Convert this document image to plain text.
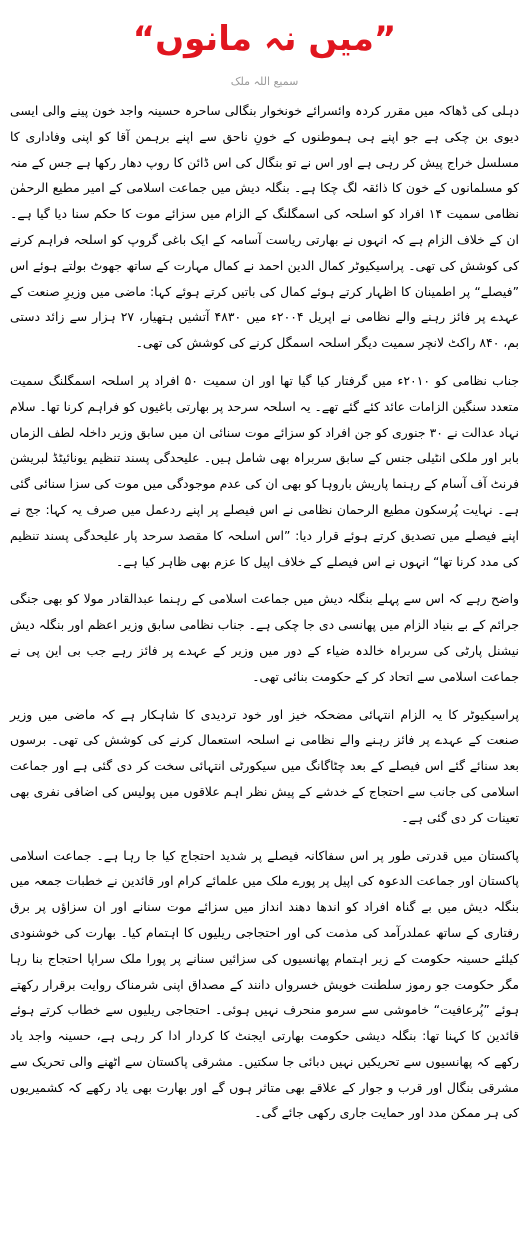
”میں نہ مانوں“
سمیع اللہ ملک

دہلی کی ڈھاکہ میں مقرر کردہ وائسرائے خونخوار بنگالی ساحرہ حسینہ واجد خون پینے والی ایسی دیوی بن چکی ہے جو اپنے ہی ہموطنوں کے خونِ ناحق سے اپنے برہمن آقا کو اپنی وفاداری کا مسلسل خراج پیش کر رہی ہے اور اس نے تو بنگال کی اس ڈائن کا روپ دھار رکھا ہے جس کے منہ کو مسلمانوں کے خون کا ذائقہ لگ چکا ہے۔ بنگلہ دیش میں جماعت اسلامی کے امیر مطیع الرحمٰن نظامی سمیت ۱۴ افراد کو اسلحہ کی اسمگلنگ کے الزام میں سزائے موت کا حکم سنا دیا گیا ہے۔ ان کے خلاف الزام ہے کہ انہوں نے بھارتی ریاست آسامہ کے ایک باغی گروپ کو اسلحہ فراہم کرنے کی کوشش کی تھی۔ پراسیکیوٹر کمال الدین احمد نے کمال مہارت کے ساتھ جھوٹ بولتے ہوئے اس ”فیصلے“ پر اطمینان کا اظہار کرتے ہوئے کمال کی باتیں کرتے ہوئے کہا: ماضی میں وزیرِ صنعت کے عہدے پر فائز رہنے والے نظامی نے اپریل ۲۰۰۴ء میں ۴۸۳۰ آتشیں ہتھیار، ۲۷ ہزار سے زائد دستی بم، ۸۴۰ راکٹ لانچر سمیت دیگر اسلحہ اسمگل کرنے کی کوشش کی تھی۔

جناب نظامی کو ۲۰۱۰ء میں گرفتار کیا گیا تھا اور ان سمیت ۵۰ افراد پر اسلحہ اسمگلنگ سمیت متعدد سنگین الزامات عائد کئے گئے تھے۔ یہ اسلحہ سرحد پر بھارتی باغیوں کو فراہم کرنا تھا۔ سلام نہاد عدالت نے ۳۰ جنوری کو جن افراد کو سزائے موت سنائی ان میں سابق وزیر داخلہ لطف الزماں بابر اور ملکی انٹیلی جنس کے سابق سربراہ بھی شامل ہیں۔ علیحدگی پسند تنظیم یونائیٹڈ لبریشن فرنٹ آف آسام کے رہنما پاریش باروہا کو بھی ان کی عدم موجودگی میں موت کی سزا سنائی گئی ہے۔ نہایت پُرسکون مطیع الرحمان نظامی نے اس فیصلے پر اپنے ردعمل میں صرف یہ کہا: جج نے اپنے فیصلے میں تصدیق کرتے ہوئے قرار دیا: ”اس اسلحہ کا مقصد سرحد پار علیحدگی پسند تنظیم کی مدد کرنا تھا“ انہوں نے اس فیصلے کے خلاف اپیل کا عزم بھی ظاہر کیا ہے۔

واضح رہے کہ اس سے پہلے بنگلہ دیش میں جماعت اسلامی کے رہنما عبدالقادر مولا کو بھی جنگی جرائم کے بے بنیاد الزام میں پھانسی دی جا چکی ہے۔ جناب نظامی سابق وزیر اعظم اور بنگلہ دیش نیشنل پارٹی کی سربراہ خالدہ ضیاء کے دور میں وزیر کے عہدے پر فائز رہے جب بی این پی نے جماعت اسلامی سے اتحاد کر کے حکومت بنائی تھی۔

پراسیکیوٹر کا یہ الزام انتہائی مضحکہ خیز اور خود تردیدی کا شاہکار ہے کہ ماضی میں وزیر صنعت کے عہدے پر فائز رہنے والے نظامی نے اسلحہ استعمال کرنے کی کوشش کی تھی۔ برسوں بعد سنائے گئے اس فیصلے کے بعد چٹاگانگ میں سیکورٹی انتہائی سخت کر دی گئی ہے اور جماعت اسلامی کی جانب سے احتجاج کے خدشے کے پیش نظر اہم علاقوں میں پولیس کی اضافی نفری بھی تعینات کر دی گئی ہے۔

پاکستان میں قدرتی طور پر اس سفاکانہ فیصلے پر شدید احتجاج کیا جا رہا ہے۔ جماعت اسلامی پاکستان اور جماعت الدعوہ کی اپیل پر پورے ملک میں علمائے کرام اور قائدین نے خطبات جمعہ میں بنگلہ دیش میں بے گناہ افراد کو اندھا دھند انداز میں سزائے موت سنانے اور ان سزاؤں پر برق رفتاری کے ساتھ عملدرآمد کی مذمت کی اور احتجاجی ریلیوں کا اہتمام کیا۔ بھارت کی خوشنودی کیلئے حسینہ حکومت کے زیر اہتمام پھانسیوں کی سزائیں سنانے پر پورا ملک سراپا احتجاج بنا رہا مگر حکومت جو رموز سلطنت خویش خسرواں دانند کے مصداق اپنی شرمناک روایت برقرار رکھتے ہوئے ”پُرعافیت“ خاموشی سے سرمو منحرف نہیں ہوئی۔ احتجاجی ریلیوں سے خطاب کرتے ہوئے قائدین کا کہنا تھا: بنگلہ دیشی حکومت بھارتی ایجنٹ کا کردار ادا کر رہی ہے، حسینہ واجد یاد رکھے کہ پھانسیوں سے تحریکیں نہیں دبائی جا سکتیں۔ مشرقی پاکستان سے اٹھنے والی تحریک سے مشرقی بنگال اور قرب و جوار کے علاقے بھی متاثر ہوں گے اور بھارت بھی یاد رکھے کہ کشمیریوں کی ہر ممکن مدد اور حمایت جاری رکھی جائے گی۔
